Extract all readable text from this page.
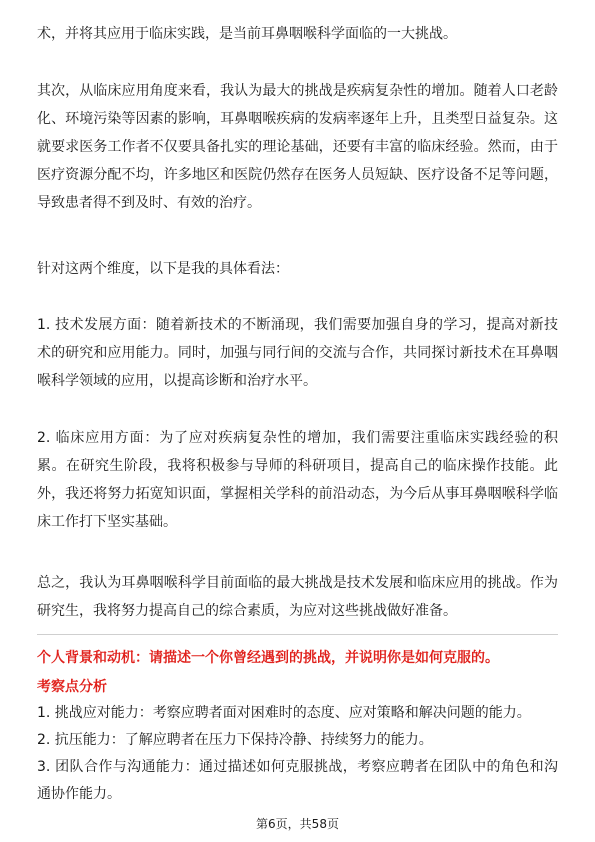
术，并将其应用于临床实践，是当前耳鼻咽喉科学面临的一大挑战。

其次，从临床应用角度来看，我认为最大的挑战是疾病复杂性的增加。随着人口老龄化、环境污染等因素的影响，耳鼻咽喉疾病的发病率逐年上升，且类型日益复杂。这就要求医务工作者不仅要具备扎实的理论基础，还要有丰富的临床经验。然而，由于医疗资源分配不均，许多地区和医院仍然存在医务人员短缺、医疗设备不足等问题，导致患者得不到及时、有效的治疗。

针对这两个维度，以下是我的具体看法：

1. 技术发展方面：随着新技术的不断涌现，我们需要加强自身的学习，提高对新技术的研究和应用能力。同时，加强与同行间的交流与合作，共同探讨新技术在耳鼻咽喉科学领域的应用，以提高诊断和治疗水平。

2. 临床应用方面：为了应对疾病复杂性的增加，我们需要注重临床实践经验的积累。在研究生阶段，我将积极参与导师的科研项目，提高自己的临床操作技能。此外，我还将努力拓宽知识面，掌握相关学科的前沿动态，为今后从事耳鼻咽喉科学临床工作打下坚实基础。

总之，我认为耳鼻咽喉科学目前面临的最大挑战是技术发展和临床应用的挑战。作为研究生，我将努力提高自己的综合素质，为应对这些挑战做好准备。

个人背景和动机：请描述一个你曾经遇到的挑战，并说明你是如何克服的。

考察点分析

1. 挑战应对能力：考察应聘者面对困难时的态度、应对策略和解决问题的能力。
2. 抗压能力：了解应聘者在压力下保持冷静、持续努力的能力。
3. 团队合作与沟通能力：通过描述如何克服挑战，考察应聘者在团队中的角色和沟通协作能力。
第6页，共58页
